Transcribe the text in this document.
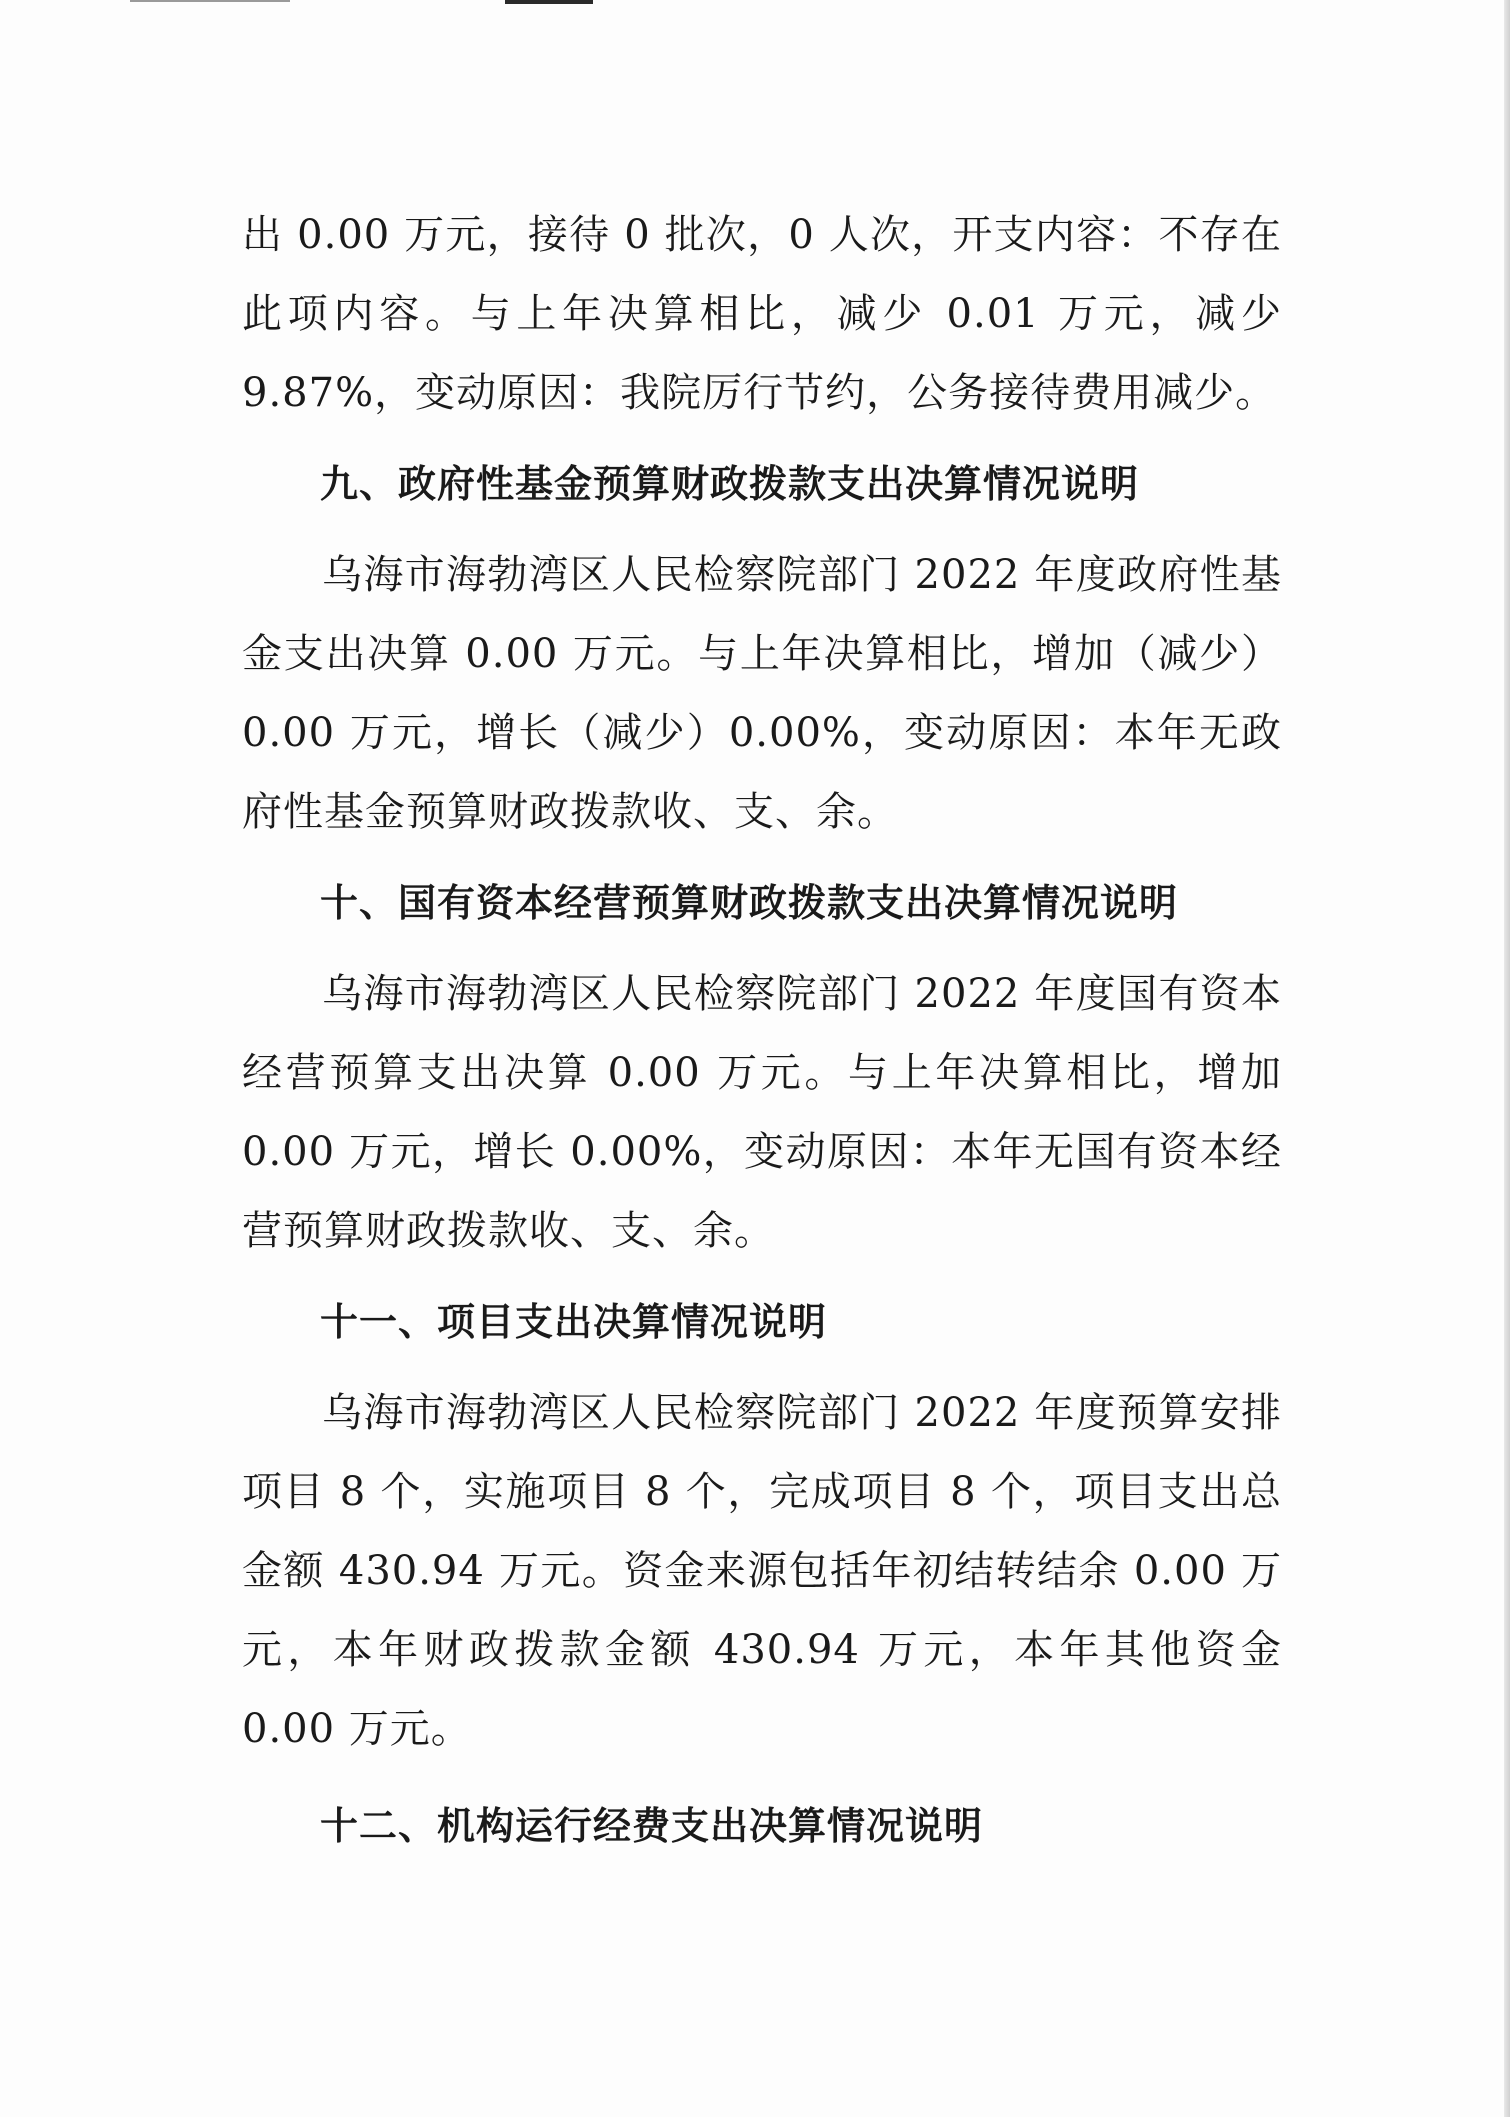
出 0.00 万元，接待 0 批次，0 人次，开支内容：不存在此项内容。与上年决算相比，减少 0.01 万元，减少 9.87%，变动原因：我院厉行节约，公务接待费用减少。

九、政府性基金预算财政拨款支出决算情况说明

乌海市海勃湾区人民检察院部门 2022 年度政府性基金支出决算 0.00 万元。与上年决算相比，增加（减少）0.00 万元，增长（减少）0.00%，变动原因：本年无政府性基金预算财政拨款收、支、余。

十、国有资本经营预算财政拨款支出决算情况说明

乌海市海勃湾区人民检察院部门 2022 年度国有资本经营预算支出决算 0.00 万元。与上年决算相比，增加 0.00 万元，增长 0.00%，变动原因：本年无国有资本经营预算财政拨款收、支、余。

十一、项目支出决算情况说明

乌海市海勃湾区人民检察院部门 2022 年度预算安排项目 8 个，实施项目 8 个，完成项目 8 个，项目支出总金额 430.94 万元。资金来源包括年初结转结余 0.00 万元，本年财政拨款金额 430.94 万元，本年其他资金 0.00 万元。

十二、机构运行经费支出决算情况说明
